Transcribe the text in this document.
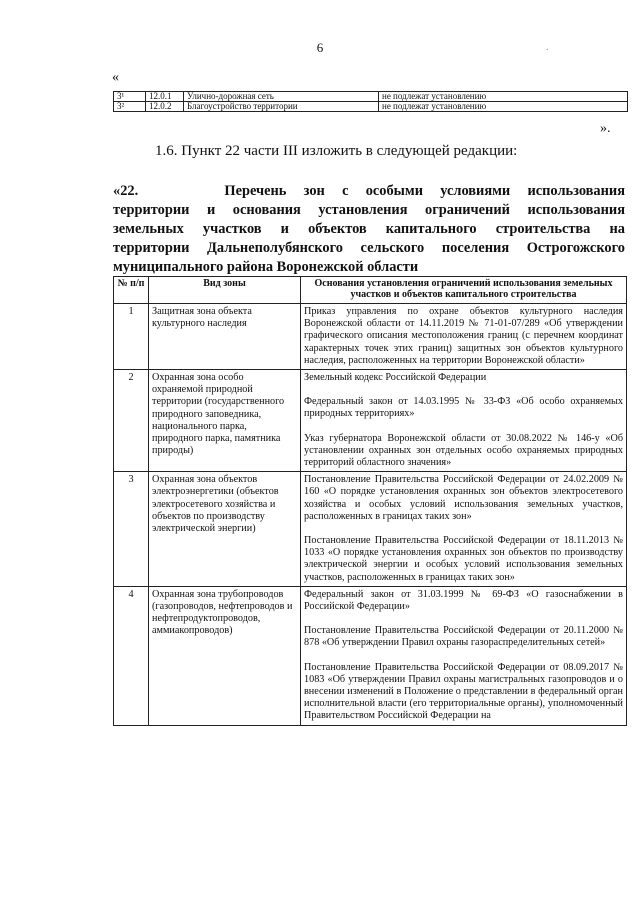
6	.
«
3¹	12.0.1	Улично-дорожная сеть	не подлежат установлению
3²	12.0.2	Благоустройство территории	не подлежат установлению
».
1.6. Пункт 22 части III изложить в следующей редакции:
«22.     Перечень зон с особыми условиями использования
территории и основания установления ограничений использования
земельных участков и объектов капитального строительства на
территории Дальнеполубянского сельского поселения Острогожского
муниципального района Воронежской области
№ п/п	Вид зоны	Основания установления ограничений использования земельных участков и объектов капитального строительства
1	Защитная зона объекта культурного наследия	Приказ управления по охране объектов культурного наследия Воронежской области от 14.11.2019 № 71-01-07/289 «Об утверждении графического описания местоположения границ (с перечнем координат характерных точек этих границ) защитных зон объектов культурного наследия, расположенных на территории Воронежской области»

2	Охранная зона особо охраняемой природной территории (государственного природного заповедника, национального парка, природного парка, памятника природы)	Земельный кодекс Российской Федерации
Федеральный закон от 14.03.1995 № 33-ФЗ «Об особо охраняемых природных территориях»
Указ губернатора Воронежской области от 30.08.2022 № 146-у «Об установлении охранных зон отдельных особо охраняемых природных территорий областного значения»

3	Охранная зона объектов электроэнергетики (объектов электросетевого хозяйства и объектов по производству электрической энергии)	Постановление Правительства Российской Федерации от 24.02.2009 № 160 «О порядке установления охранных зон объектов электросетевого хозяйства и особых условий использования земельных участков, расположенных в границах таких зон»
Постановление Правительства Российской Федерации от 18.11.2013 № 1033 «О порядке установления охранных зон объектов по производству электрической энергии и особых условий использования земельных участков, расположенных в границах таких зон»

4	Охранная зона трубопроводов (газопроводов, нефтепроводов и нефтепродуктопроводов, аммиакопроводов)	Федеральный закон от 31.03.1999 № 69-ФЗ «О газоснабжении в Российской Федерации»
Постановление Правительства Российской Федерации от 20.11.2000 № 878 «Об утверждении Правил охраны газораспределительных сетей»
Постановление Правительства Российской Федерации от 08.09.2017 № 1083 «Об утверждении Правил охраны магистральных газопроводов и о внесении изменений в Положение о представлении в федеральный орган исполнительной власти (его территориальные органы), уполномоченный Правительством Российской Федерации на
